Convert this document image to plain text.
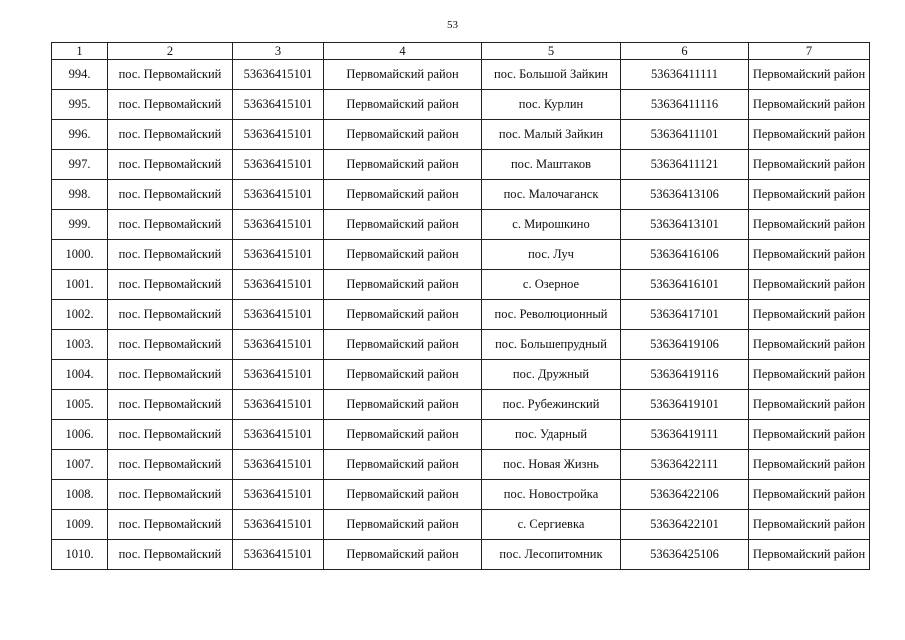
53
1	2	3	4	5	6	7
994.	пос. Первомайский	53636415101	Первомайский район	пос. Большой Зайкин	53636411111	Первомайский район
995.	пос. Первомайский	53636415101	Первомайский район	пос. Курлин	53636411116	Первомайский район
996.	пос. Первомайский	53636415101	Первомайский район	пос. Малый Зайкин	53636411101	Первомайский район
997.	пос. Первомайский	53636415101	Первомайский район	пос. Маштаков	53636411121	Первомайский район
998.	пос. Первомайский	53636415101	Первомайский район	пос. Малочаганск	53636413106	Первомайский район
999.	пос. Первомайский	53636415101	Первомайский район	с. Мирошкино	53636413101	Первомайский район
1000.	пос. Первомайский	53636415101	Первомайский район	пос. Луч	53636416106	Первомайский район
1001.	пос. Первомайский	53636415101	Первомайский район	с. Озерное	53636416101	Первомайский район
1002.	пос. Первомайский	53636415101	Первомайский район	пос. Революционный	53636417101	Первомайский район
1003.	пос. Первомайский	53636415101	Первомайский район	пос. Большепрудный	53636419106	Первомайский район
1004.	пос. Первомайский	53636415101	Первомайский район	пос. Дружный	53636419116	Первомайский район
1005.	пос. Первомайский	53636415101	Первомайский район	пос. Рубежинский	53636419101	Первомайский район
1006.	пос. Первомайский	53636415101	Первомайский район	пос. Ударный	53636419111	Первомайский район
1007.	пос. Первомайский	53636415101	Первомайский район	пос. Новая Жизнь	53636422111	Первомайский район
1008.	пос. Первомайский	53636415101	Первомайский район	пос. Новостройка	53636422106	Первомайский район
1009.	пос. Первомайский	53636415101	Первомайский район	с. Сергиевка	53636422101	Первомайский район
1010.	пос. Первомайский	53636415101	Первомайский район	пос. Лесопитомник	53636425106	Первомайский район
